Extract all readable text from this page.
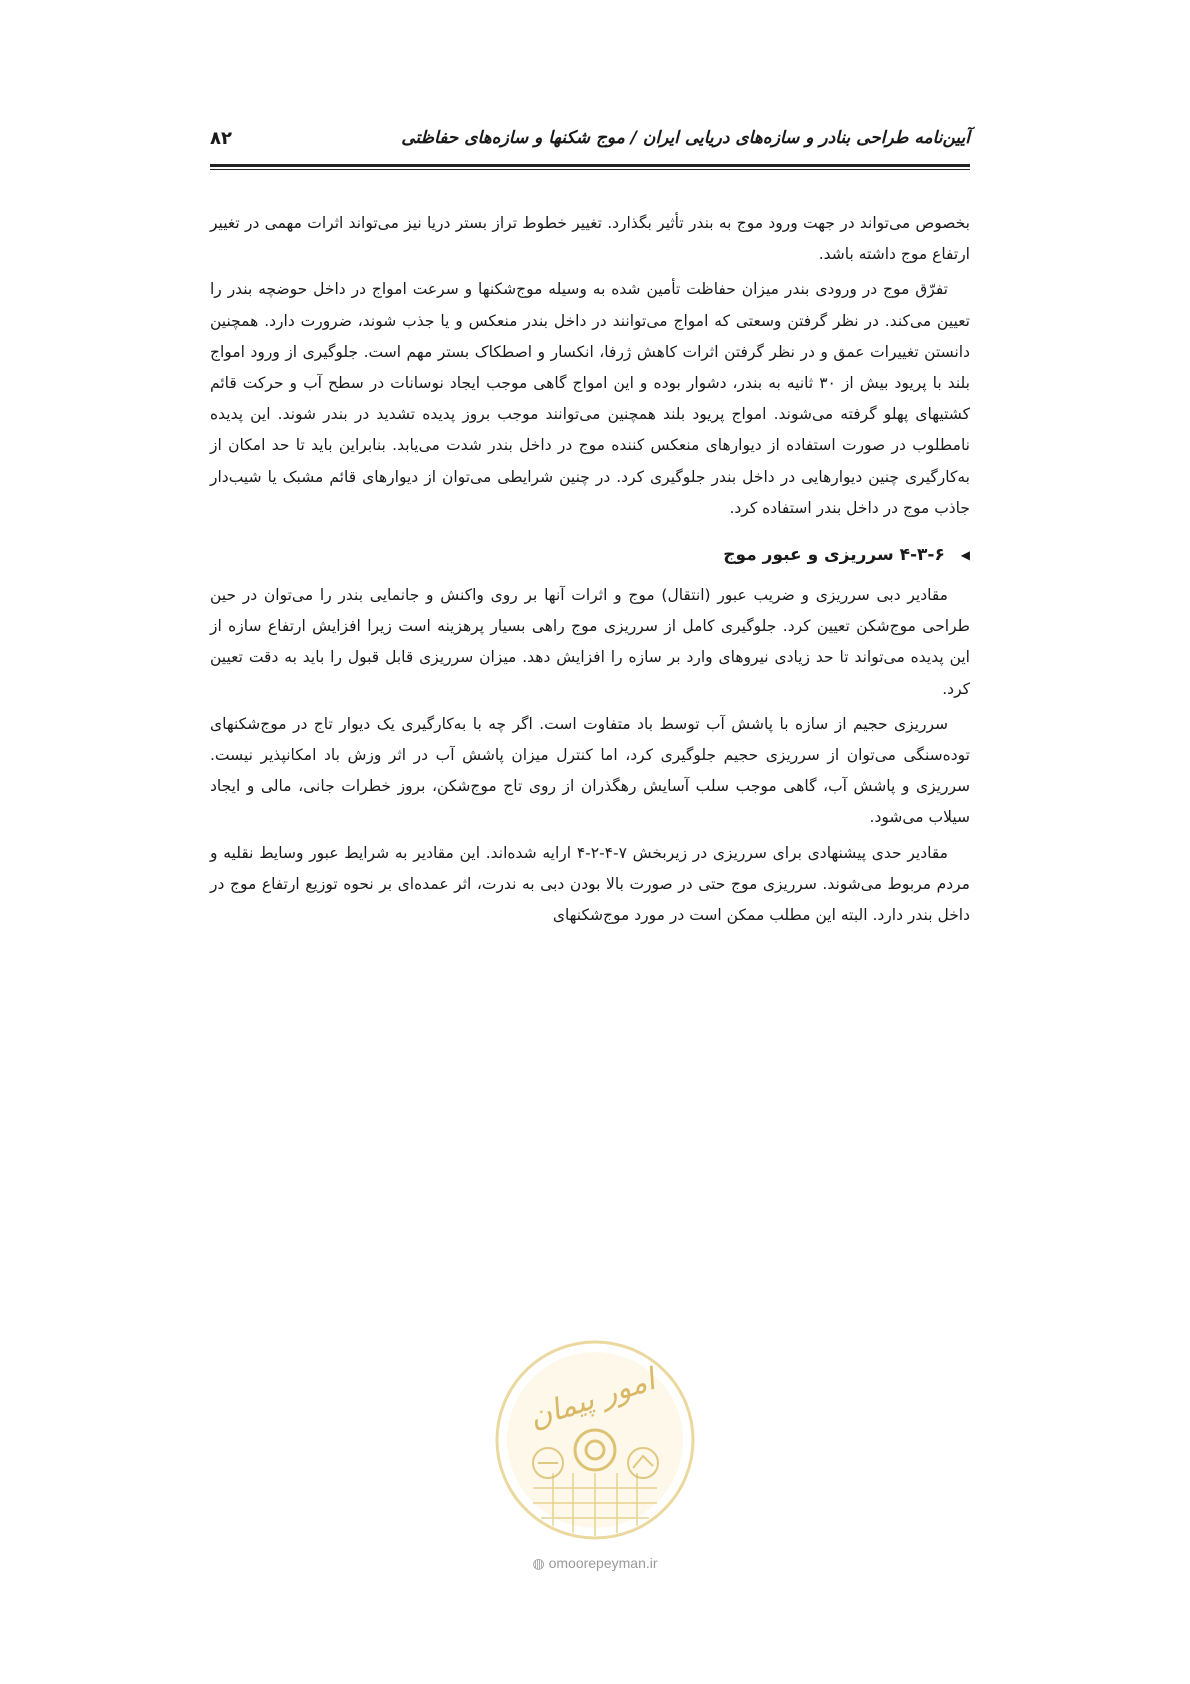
آیین‌نامه طراحی بنادر و سازه‌های دریایی ایران / موج شکنها و سازه‌های حفاظتی
۸۲

بخصوص می‌تواند در جهت ورود موج به بندر تأثیر بگذارد. تغییر خطوط تراز بستر دریا نیز می‌تواند اثرات مهمی در تغییر ارتفاع موج داشته باشد.

تفرّق موج در ورودی بندر میزان حفاظت تأمین شده به وسیله موج‌شکنها و سرعت امواج در داخل حوضچه بندر را تعیین می‌کند. در نظر گرفتن وسعتی که امواج می‌توانند در داخل بندر منعکس و یا جذب شوند، ضرورت دارد. همچنین دانستن تغییرات عمق و در نظر گرفتن اثرات کاهش ژرفا، انکسار و اصطکاک بستر مهم است. جلوگیری از ورود امواج بلند با پریود بیش از ۳۰ ثانیه به بندر، دشوار بوده و این امواج گاهی موجب ایجاد نوسانات در سطح آب و حرکت قائم کشتیهای پهلو گرفته می‌شوند. امواج پریود بلند همچنین می‌توانند موجب بروز پدیده تشدید در بندر شوند. این پدیده نامطلوب در صورت استفاده از دیوارهای منعکس کننده موج در داخل بندر شدت می‌یابد. بنابراین باید تا حد امکان از به‌کارگیری چنین دیوارهایی در داخل بندر جلوگیری کرد. در چنین شرایطی می‌توان از دیوارهای قائم مشبک یا شیب‌دار جاذب موج در داخل بندر استفاده کرد.

◀ ۴-۳-۶ سرریزی و عبور موج

مقادیر دبی سرریزی و ضریب عبور (انتقال) موج و اثرات آنها بر روی واکنش و جانمایی بندر را می‌توان در حین طراحی موج‌شکن تعیین کرد. جلوگیری کامل از سرریزی موج راهی بسیار پرهزینه است زیرا افزایش ارتفاع سازه از این پدیده می‌تواند تا حد زیادی نیروهای وارد بر سازه را افزایش دهد. میزان سرریزی قابل قبول را باید به دقت تعیین کرد.

سرریزی حجیم از سازه با پاشش آب توسط باد متفاوت است. اگر چه با به‌کارگیری یک دیوار تاج در موج‌شکنهای توده‌سنگی می‌توان از سرریزی حجیم جلوگیری کرد، اما کنترل میزان پاشش آب در اثر وزش باد امکانپذیر نیست. سرریزی و پاشش آب، گاهی موجب سلب آسایش رهگذران از روی تاج موج‌شکن، بروز خطرات جانی، مالی و ایجاد سیلاب می‌شود.

مقادیر حدی پیشنهادی برای سرریزی در زیربخش ۷-۴-۲-۴ ارایه شده‌اند. این مقادیر به شرایط عبور وسایط نقلیه و مردم مربوط می‌شوند. سرریزی موج حتی در صورت بالا بودن دبی به ندرت، اثر عمده‌ای بر نحوه توزیع ارتفاع موج در داخل بندر دارد. البته این مطلب ممکن است در مورد موج‌شکنهای

امور پیمان
◍ omoorepeyman.ir
